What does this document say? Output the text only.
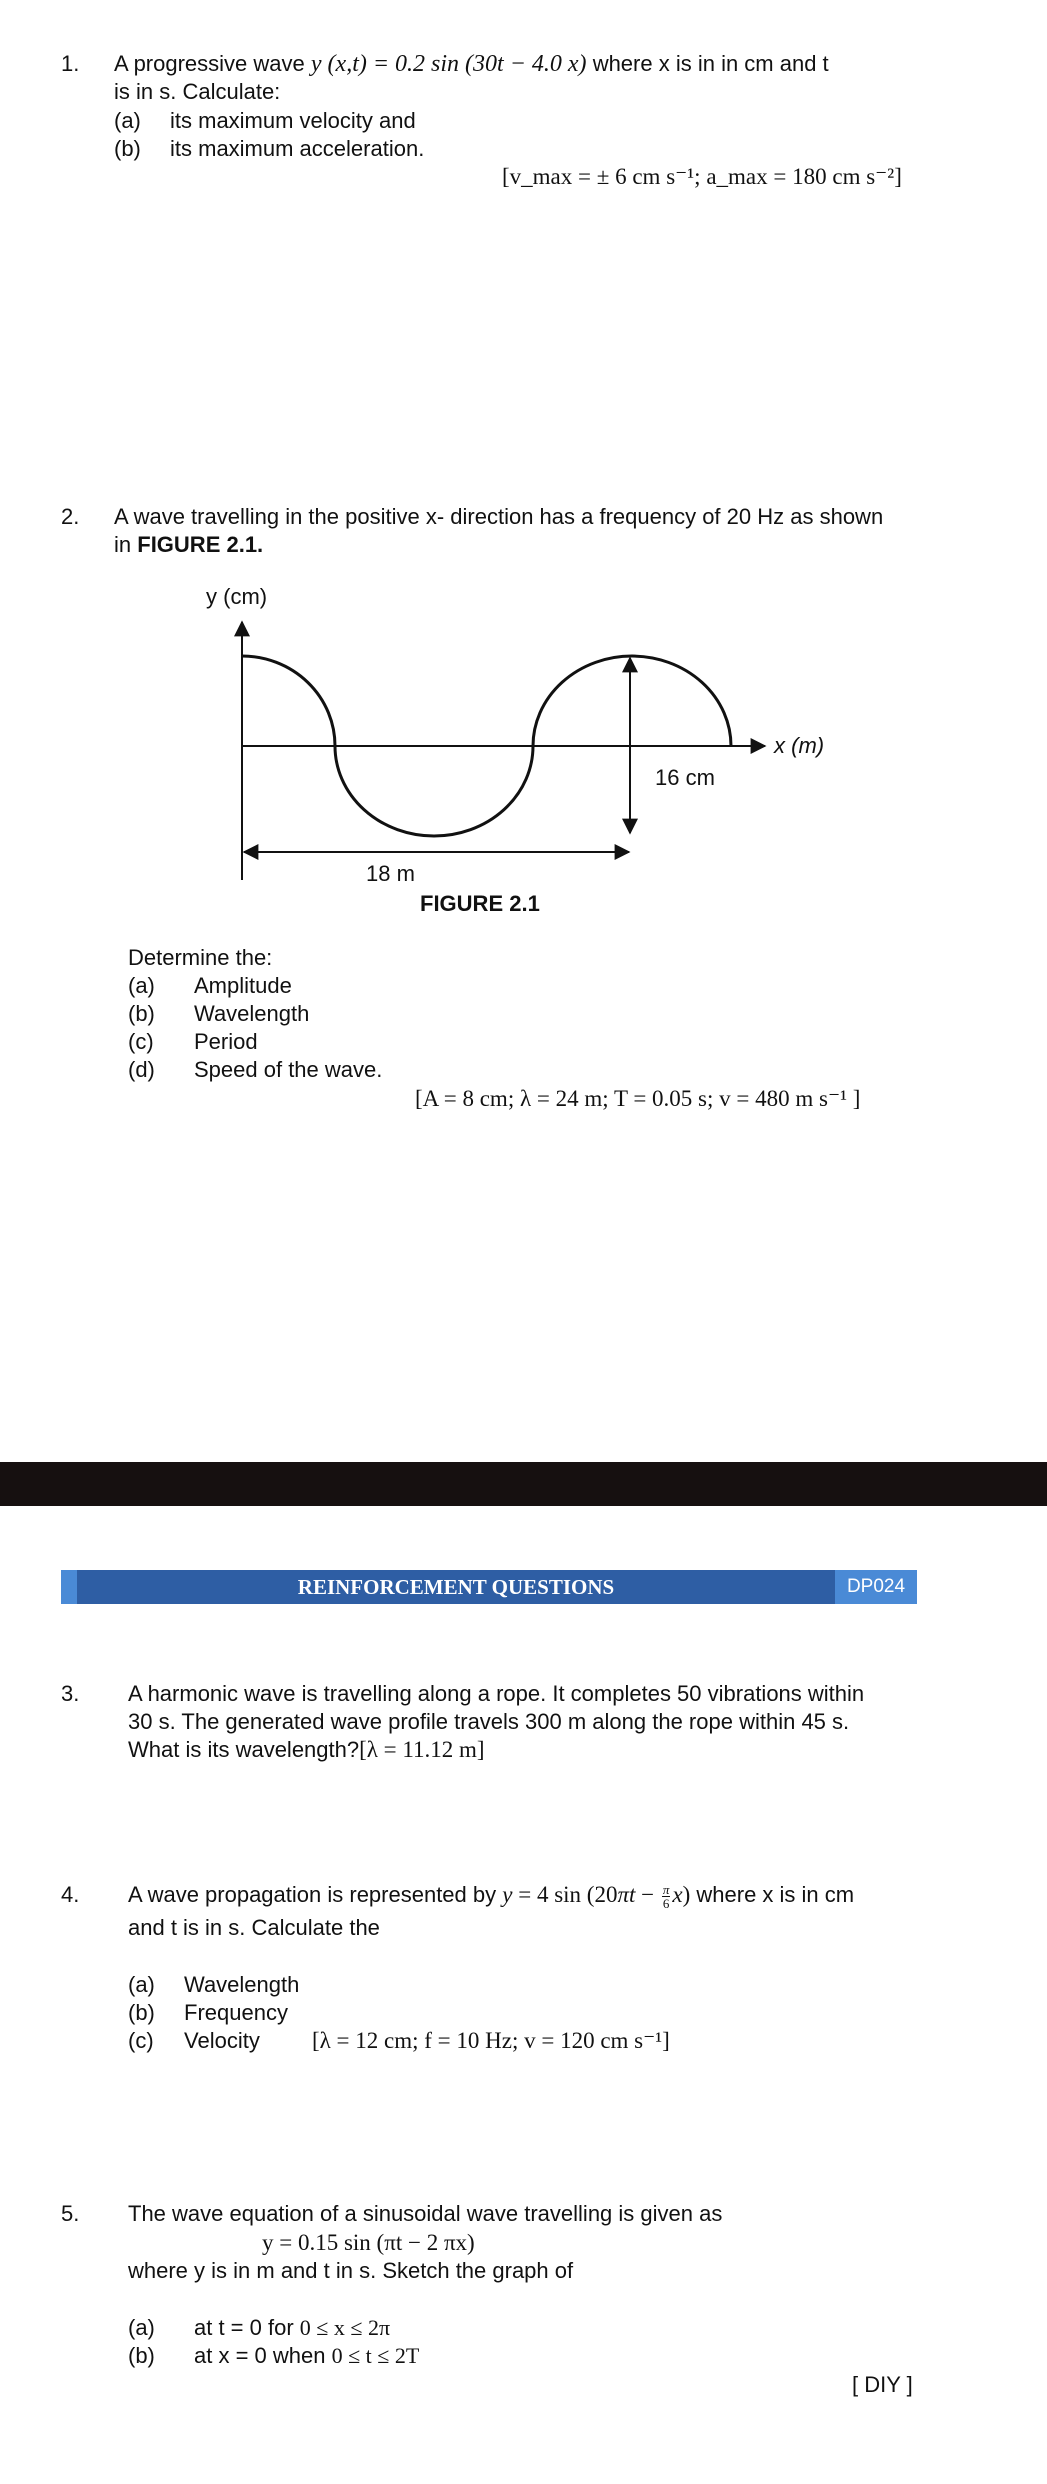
1. A progressive wave y (x,t) = 0.2 sin (30t − 4.0 x) where x is in in cm and t
is in s. Calculate:
(a) its maximum velocity and
(b) its maximum acceleration.
[v_max = ± 6 cm s⁻¹; a_max = 180 cm s⁻²]
2. A wave travelling in the positive x- direction has a frequency of 20 Hz as shown
in FIGURE 2.1.
y (cm)
x (m)
16 cm
18 m
FIGURE 2.1
Determine the:
(a) Amplitude
(b) Wavelength
(c) Period
(d) Speed of the wave.
[A = 8 cm; λ = 24 m; T = 0.05 s; v = 480 m s⁻¹ ]
REINFORCEMENT QUESTIONS	DP024
3. A harmonic wave is travelling along a rope. It completes 50 vibrations within
30 s. The generated wave profile travels 300 m along the rope within 45 s.
What is its wavelength?[λ = 11.12 m]
4. A wave propagation is represented by y = 4 $\sin (20\pi t - \frac{\pi}{6} x)$ where x is in cm
and t is in s. Calculate the
(a) Wavelength
(b) Frequency
(c) Velocity [λ = 12 cm; f = 10 Hz; v = 120 cm s⁻¹]
5. The wave equation of a sinusoidal wave travelling is given as
y = 0.15 sin (πt − 2 πx)
where y is in m and t in s. Sketch the graph of
(a) at t = 0 for 0 ≤ x ≤ 2π
(b) at x = 0 when 0 ≤ t ≤ 2T
[ DIY ]
